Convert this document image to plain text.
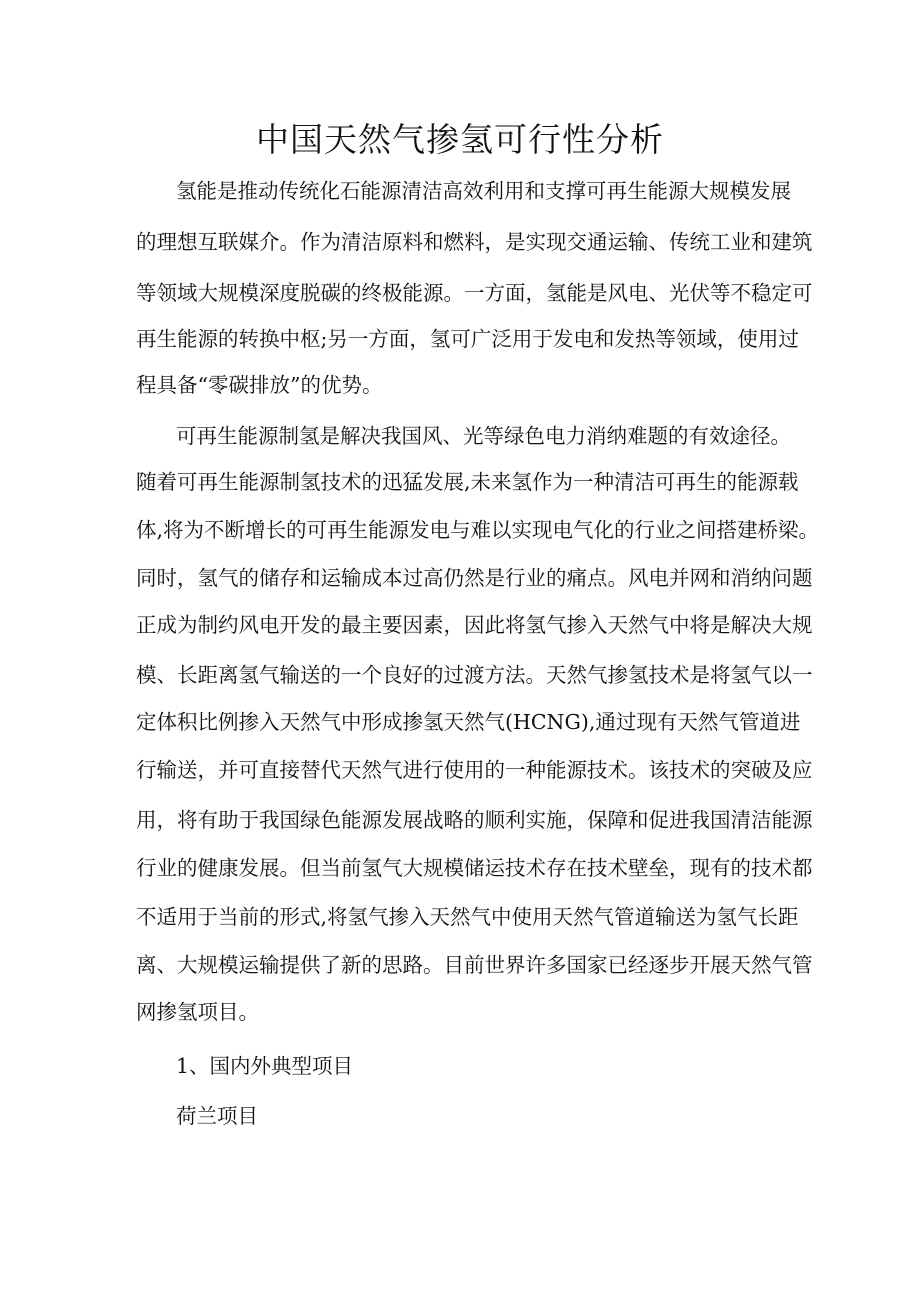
中国天然气掺氢可行性分析
氢能是推动传统化石能源清洁高效利用和支撑可再生能源大规模发展
的理想互联媒介。作为清洁原料和燃料，是实现交通运输、传统工业和建筑
等领域大规模深度脱碳的终极能源。一方面，氢能是风电、光伏等不稳定可
再生能源的转换中枢;另一方面，氢可广泛用于发电和发热等领域，使用过
程具备“零碳排放”的优势。
可再生能源制氢是解决我国风、光等绿色电力消纳难题的有效途径。
随着可再生能源制氢技术的迅猛发展,未来氢作为一种清洁可再生的能源载
体,将为不断增长的可再生能源发电与难以实现电气化的行业之间搭建桥梁。
同时，氢气的储存和运输成本过高仍然是行业的痛点。风电并网和消纳问题
正成为制约风电开发的最主要因素，因此将氢气掺入天然气中将是解决大规
模、长距离氢气输送的一个良好的过渡方法。天然气掺氢技术是将氢气以一
定体积比例掺入天然气中形成掺氢天然气(HCNG),通过现有天然气管道进
行输送，并可直接替代天然气进行使用的一种能源技术。该技术的突破及应
用，将有助于我国绿色能源发展战略的顺利实施，保障和促进我国清洁能源
行业的健康发展。但当前氢气大规模储运技术存在技术壁垒，现有的技术都
不适用于当前的形式,将氢气掺入天然气中使用天然气管道输送为氢气长距
离、大规模运输提供了新的思路。目前世界许多国家已经逐步开展天然气管
网掺氢项目。
1、国内外典型项目
荷兰项目
